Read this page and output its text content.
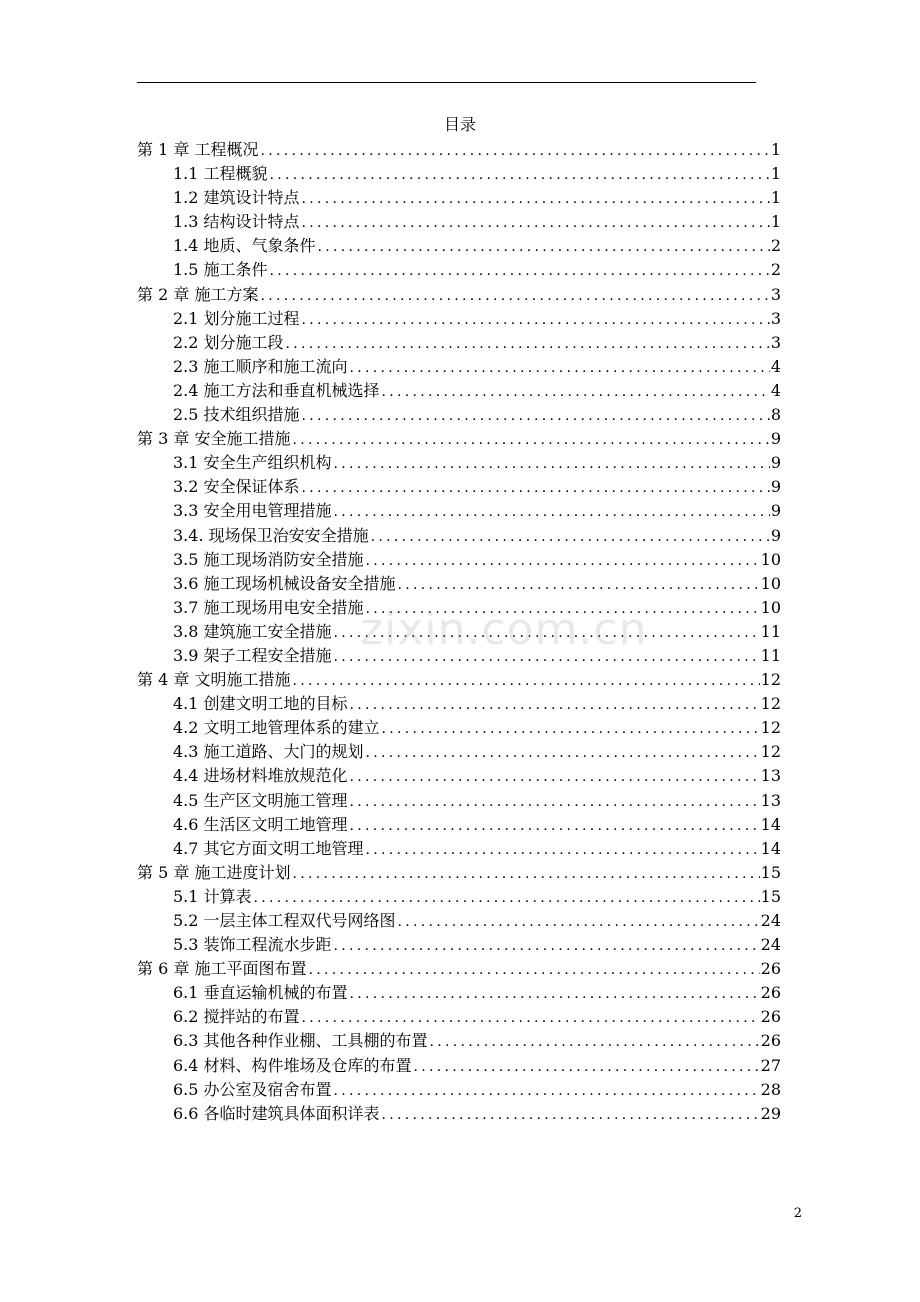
目录
第 1 章 工程概况 .....	1
1.1 工程概貌 .....	1
1.2 建筑设计特点 .....	1
1.3 结构设计特点 .....	1
1.4 地质、气象条件 .....	2
1.5 施工条件 .....	2
第 2 章 施工方案 .....	3
2.1 划分施工过程 .....	3
2.2 划分施工段 .....	3
2.3 施工顺序和施工流向 .....	4
2.4 施工方法和垂直机械选择 .....	4
2.5 技术组织措施 .....	8
第 3 章 安全施工措施 .....	9
3.1 安全生产组织机构 .....	9
3.2 安全保证体系 .....	9
3.3 安全用电管理措施 .....	9
3.4. 现场保卫治安安全措施 .....	9
3.5 施工现场消防安全措施 .....	10
3.6 施工现场机械设备安全措施 .....	10
3.7 施工现场用电安全措施 .....	10
3.8 建筑施工安全措施 .....	11
3.9 架子工程安全措施 .....	11
第 4 章 文明施工措施 .....	12
4.1 创建文明工地的目标 .....	12
4.2 文明工地管理体系的建立 .....	12
4.3 施工道路、大门的规划 .....	12
4.4 进场材料堆放规范化 .....	13
4.5 生产区文明施工管理 .....	13
4.6 生活区文明工地管理 .....	14
4.7 其它方面文明工地管理 .....	14
第 5 章 施工进度计划 .....	15
5.1 计算表 .....	15
5.2 一层主体工程双代号网络图 .....	24
5.3 装饰工程流水步距 .....	24
第 6 章 施工平面图布置 .....	26
6.1 垂直运输机械的布置 .....	26
6.2 搅拌站的布置 .....	26
6.3 其他各种作业棚、工具棚的布置 .....	26
6.4 材料、构件堆场及仓库的布置 .....	27
6.5 办公室及宿舍布置 .....	28
6.6 各临时建筑具体面积详表 .....	29
zixin.com.cn
2
